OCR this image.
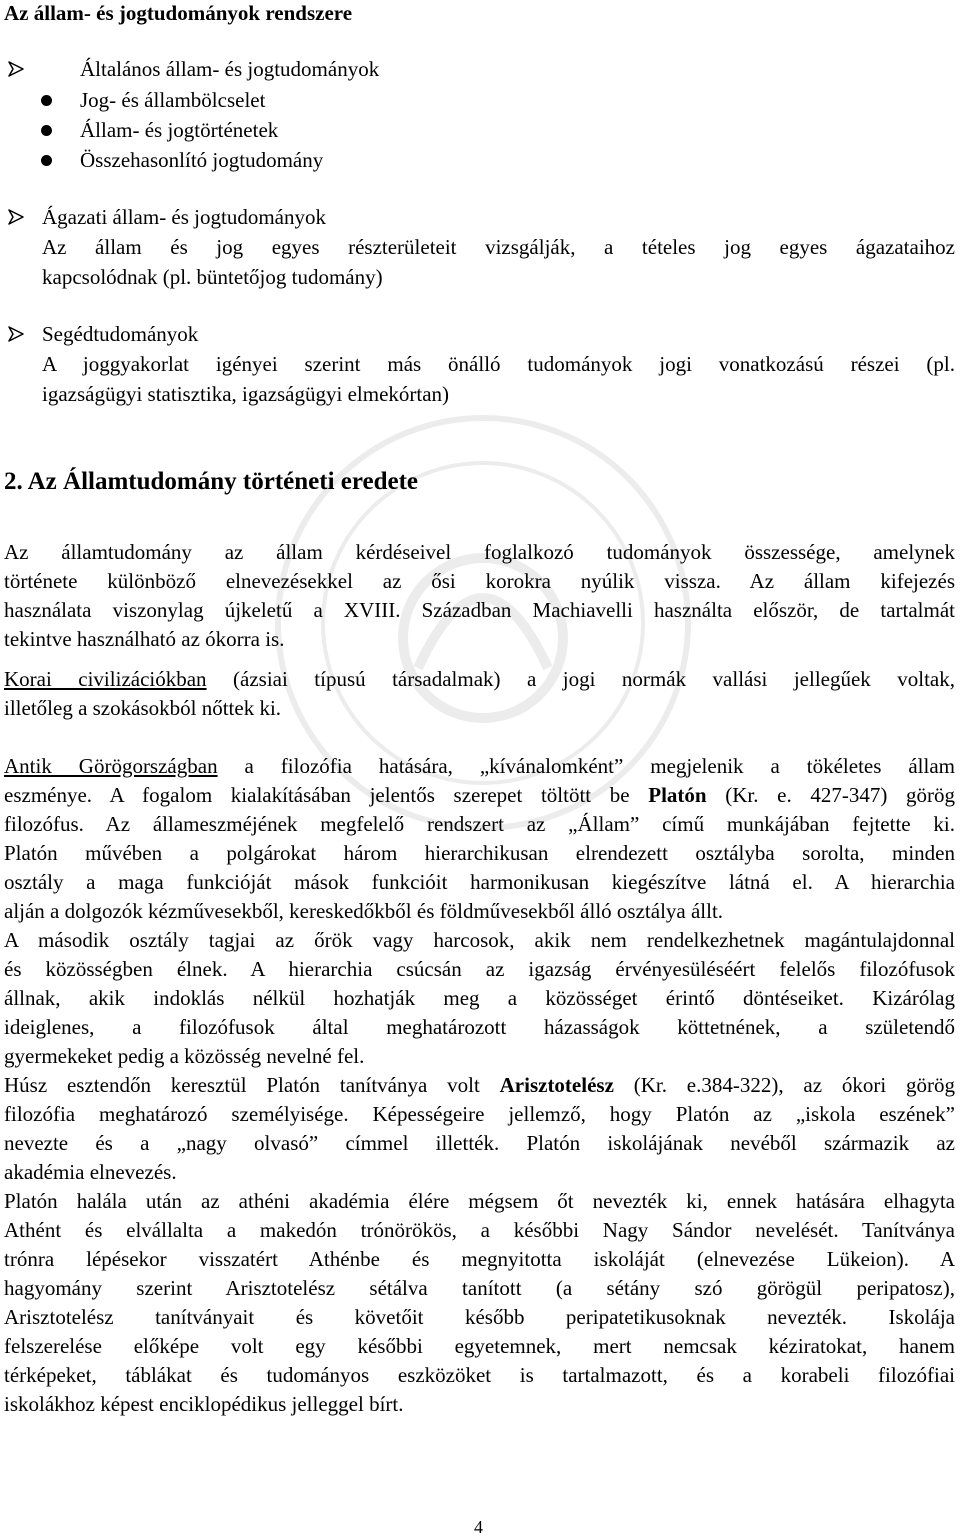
Az állam- és jogtudományok rendszere
Általános állam- és jogtudományok
Jog- és állambölcselet
Állam- és jogtörténetek
Összehasonlító jogtudomány
Ágazati állam- és jogtudományok
Az állam és jog egyes részterületeit vizsgálják, a tételes jog egyes ágazataihoz
kapcsolódnak (pl. büntetőjog tudomány)
Segédtudományok
A joggyakorlat igényei szerint más önálló tudományok jogi vonatkozású részei (pl.
igazságügyi statisztika, igazságügyi elmekórtan)
2. Az Államtudomány történeti eredete
Az államtudomány az állam kérdéseivel foglalkozó tudományok összessége, amelynek
története különböző elnevezésekkel az ősi korokra nyúlik vissza. Az állam kifejezés
használata viszonylag újkeletű a XVIII. Században Machiavelli használta először, de tartalmát
tekintve használható az ókorra is.
Korai civilizációkban (ázsiai típusú társadalmak) a jogi normák vallási jellegűek voltak,
illetőleg a szokásokból nőttek ki.
Antik Görögországban a filozófia hatására, „kívánalomként” megjelenik a tökéletes állam
eszménye. A fogalom kialakításában jelentős szerepet töltött be Platón (Kr. e. 427-347) görög
filozófus. Az állameszméjének megfelelő rendszert az „Állam” című munkájában fejtette ki.
Platón művében a polgárokat három hierarchikusan elrendezett osztályba sorolta, minden
osztály a maga funkcióját mások funkcióit harmonikusan kiegészítve látná el. A hierarchia
alján a dolgozók kézművesekből, kereskedőkből és földművesekből álló osztálya állt.
A második osztály tagjai az őrök vagy harcosok, akik nem rendelkezhetnek magántulajdonnal
és közösségben élnek. A hierarchia csúcsán az igazság érvényesüléséért felelős filozófusok
állnak, akik indoklás nélkül hozhatják meg a közösséget érintő döntéseiket. Kizárólag
ideiglenes, a filozófusok által meghatározott házasságok köttetnének, a születendő
gyermekeket pedig a közösség nevelné fel.
Húsz esztendőn keresztül Platón tanítványa volt Arisztotelész (Kr. e.384-322), az ókori görög
filozófia meghatározó személyisége. Képességeire jellemző, hogy Platón az „iskola eszének”
nevezte és a „nagy olvasó” címmel illették. Platón iskolájának nevéből származik az
akadémia elnevezés.
Platón halála után az athéni akadémia élére mégsem őt nevezték ki, ennek hatására elhagyta
Athént és elvállalta a makedón trónörökös, a későbbi Nagy Sándor nevelését. Tanítványa
trónra lépésekor visszatért Athénbe és megnyitotta iskoláját (elnevezése Lükeion). A
hagyomány szerint Arisztotelész sétálva tanított (a sétány szó görögül peripatosz),
Arisztotelész tanítványait és követőit később peripatetikusoknak nevezték. Iskolája
felszerelése előképe volt egy későbbi egyetemnek, mert nemcsak kéziratokat, hanem
térképeket, táblákat és tudományos eszközöket is tartalmazott, és a korabeli filozófiai
iskolákhoz képest enciklopédikus jelleggel bírt.
4
